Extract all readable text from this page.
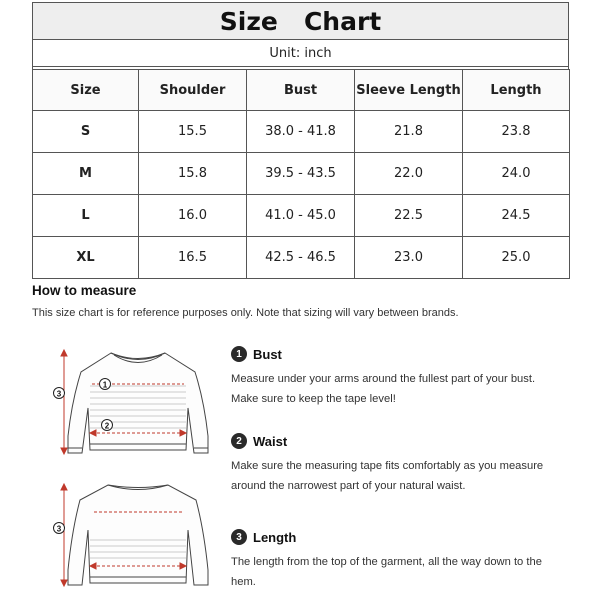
Size   Chart
Unit: inch
Size	Shoulder	Bust	Sleeve Length	Length
S	15.5	38.0 - 41.8	21.8	23.8
M	15.8	39.5 - 43.5	22.0	24.0
L	16.0	41.0 - 45.0	22.5	24.5
XL	16.5	42.5 - 46.5	23.0	25.0
How to measure
This size chart is for reference purposes only. Note that sizing will vary between brands.
1
2
3
3
1 Bust
Measure under your arms around the fullest part of your bust.
Make sure to keep the tape level!
2 Waist
Make sure the measuring tape fits comfortably as you measure
around the narrowest part of your natural waist.
3 Length
The length from the top of the garment, all the way down to the
hem.
